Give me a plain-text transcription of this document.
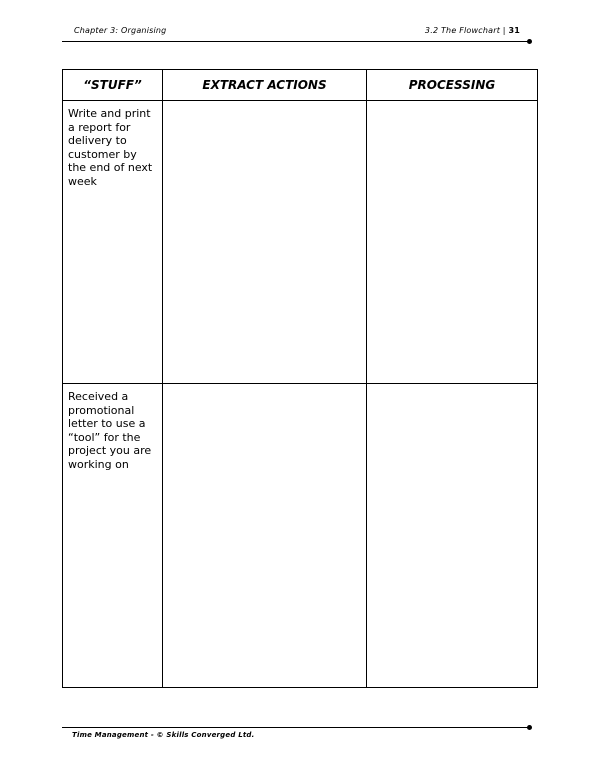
Chapter 3: Organising	3.2 The Flowchart | 31
“STUFF”	EXTRACT ACTIONS	PROCESSING

Write and print a report for delivery to customer by the end of next week		

Received a promotional letter to use a “tool” for the project you are working on		

Time Management - © Skills Converged Ltd.
